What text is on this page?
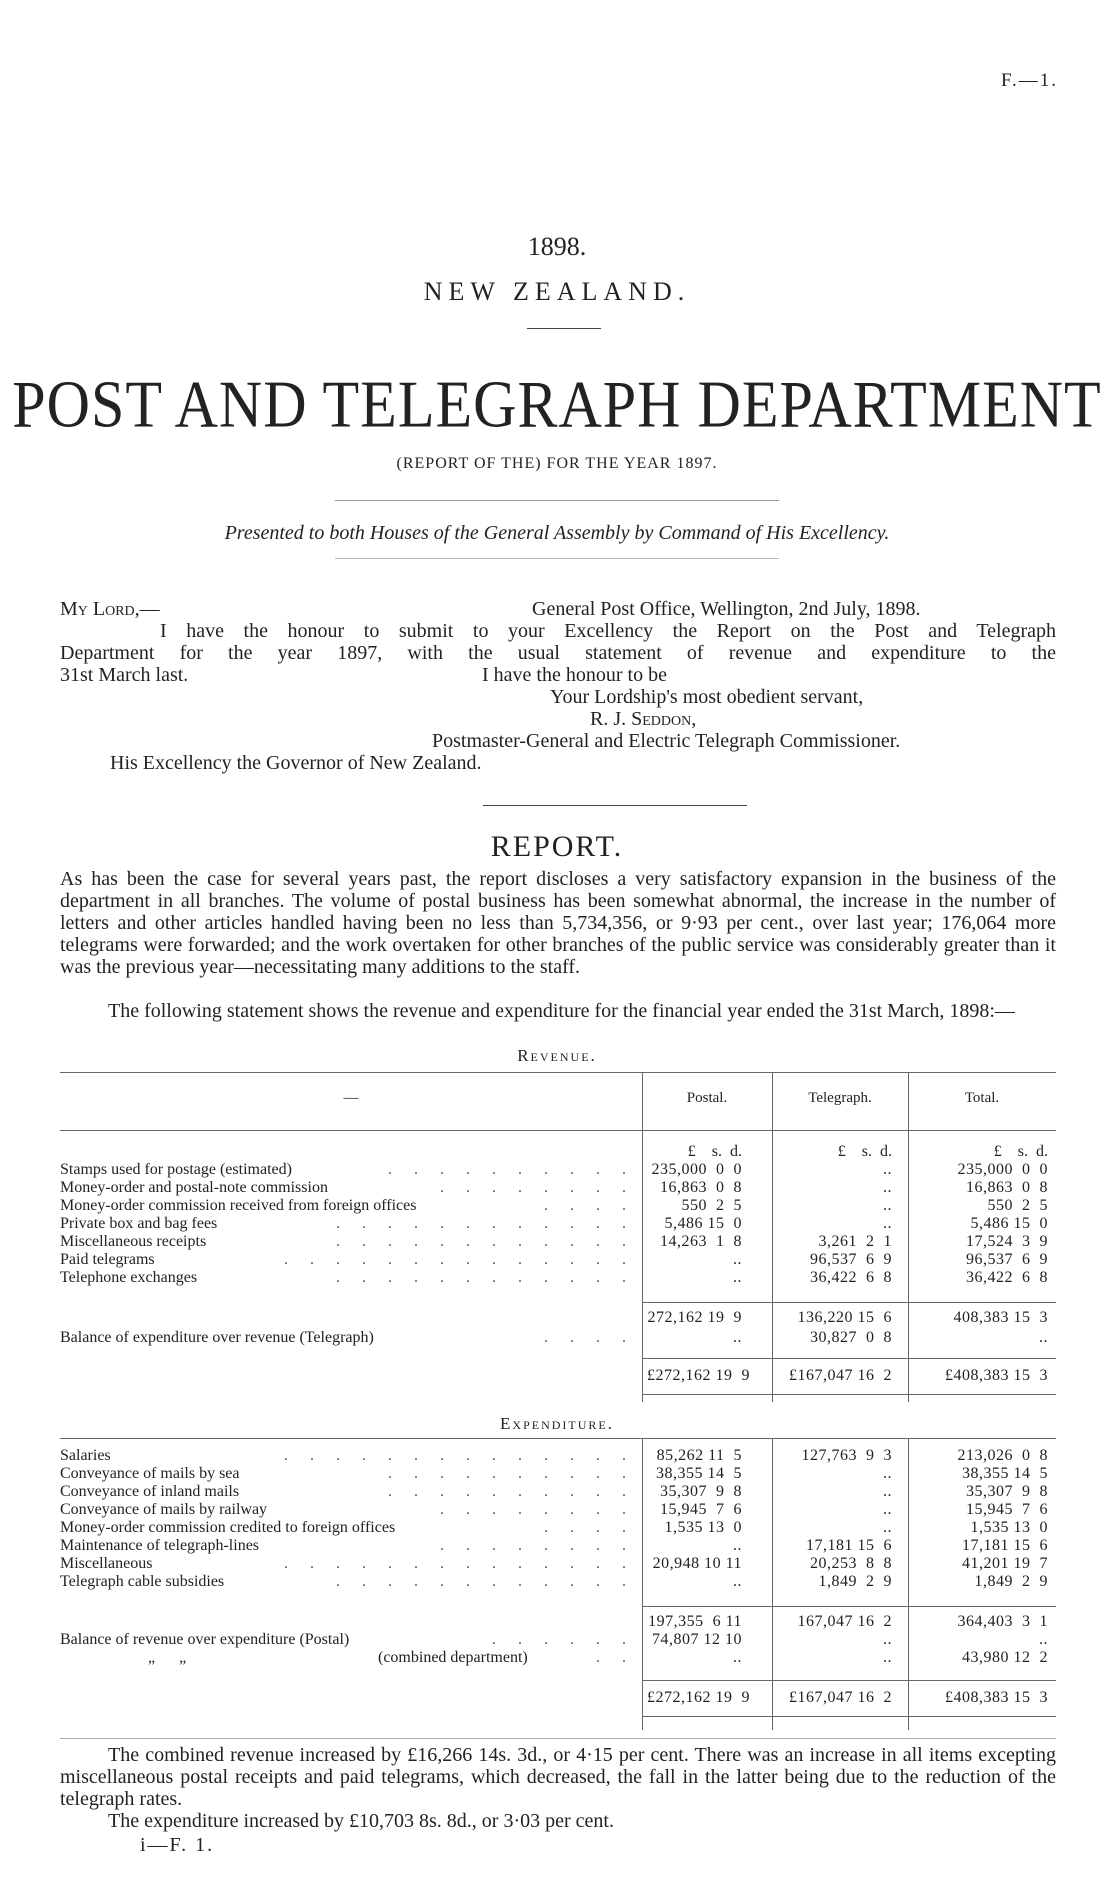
F.—1.
1898.
NEW ZEALAND.
POST AND TELEGRAPH DEPARTMENT
(REPORT OF THE) FOR THE YEAR 1897.
Presented to both Houses of the General Assembly by Command of His Excellency.
My Lord,—	General Post Office, Wellington, 2nd July, 1898.
I have the honour to submit to your Excellency the Report on the Post and Telegraph
Department for the year 1897, with the usual statement of revenue and expenditure to the
31st March last.	I have the honour to be
Your Lordship's most obedient servant,
R. J. Seddon,
Postmaster-General and Electric Telegraph Commissioner.
His Excellency the Governor of New Zealand.
REPORT.
As has been the case for several years past, the report discloses a very satisfactory expansion in the business of the department in all branches. The volume of postal business has been somewhat abnormal, the increase in the number of letters and other articles handled having been no less than 5,734,356, or 9·93 per cent., over last year; 176,064 more telegrams were forwarded; and the work overtaken for other branches of the public service was considerably greater than it was the previous year—necessitating many additions to the staff.
The following statement shows the revenue and expenditure for the financial year ended the 31st March, 1898:—
Revenue.
—	Postal.	Telegraph.	Total.
£    s.  d.	£    s.  d.	£    s.  d.
. . . . . . . . . .
Stamps used for postage (estimated)	235,000  0  0	..	235,000  0  0
. . . . . . . .
Money-order and postal-note commission	16,863  0  8	..	16,863  0  8
. . . .
Money-order commission received from foreign offices	550  2  5	..	550  2  5
. . . . . . . . . . . .
Private box and bag fees	5,486 15  0	..	5,486 15  0
. . . . . . . . . . . .
Miscellaneous receipts	14,263  1  8	3,261  2  1	17,524  3  9
. . . . . . . . . . . . . .
Paid telegrams	..	96,537  6  9	96,537  6  9
. . . . . . . . . . . .
Telephone exchanges	..	36,422  6  8	36,422  6  8
272,162 19  9	136,220 15  6	408,383 15  3
. . . .
Balance of expenditure over revenue (Telegraph)	..	30,827  0  8	..
£272,162 19  9	£167,047 16  2	£408,383 15  3
Expenditure.
. . . . . . . . . . . . . .
Salaries	85,262 11  5	127,763  9  3	213,026  0  8
. . . . . . . . . .
Conveyance of mails by sea	38,355 14  5	..	38,355 14  5
. . . . . . . . . .
Conveyance of inland mails	35,307  9  8	..	35,307  9  8
. . . . . . . .
Conveyance of mails by railway	15,945  7  6	..	15,945  7  6
. . . .
Money-order commission credited to foreign offices	1,535 13  0	..	1,535 13  0
. . . . . . . .
Maintenance of telegraph-lines	..	17,181 15  6	17,181 15  6
. . . . . . . . . . . . . .
Miscellaneous	20,948 10 11	20,253  8  8	41,201 19  7
. . . . . . . . . . . .
Telegraph cable subsidies	..	1,849  2  9	1,849  2  9
197,355  6 11	167,047 16  2	364,403  3  1
. . . . . .
Balance of revenue over expenditure (Postal)	74,807 12 10	..	..
. .
„      „	(combined department)	..	..	43,980 12  2
£272,162 19  9	£167,047 16  2	£408,383 15  3
The combined revenue increased by £16,266 14s. 3d., or 4·15 per cent. There was an increase in all items excepting miscellaneous postal receipts and paid telegrams, which decreased, the fall in the latter being due to the reduction of the telegraph rates.
The expenditure increased by £10,703 8s. 8d., or 3·03 per cent.
i—F. 1.
